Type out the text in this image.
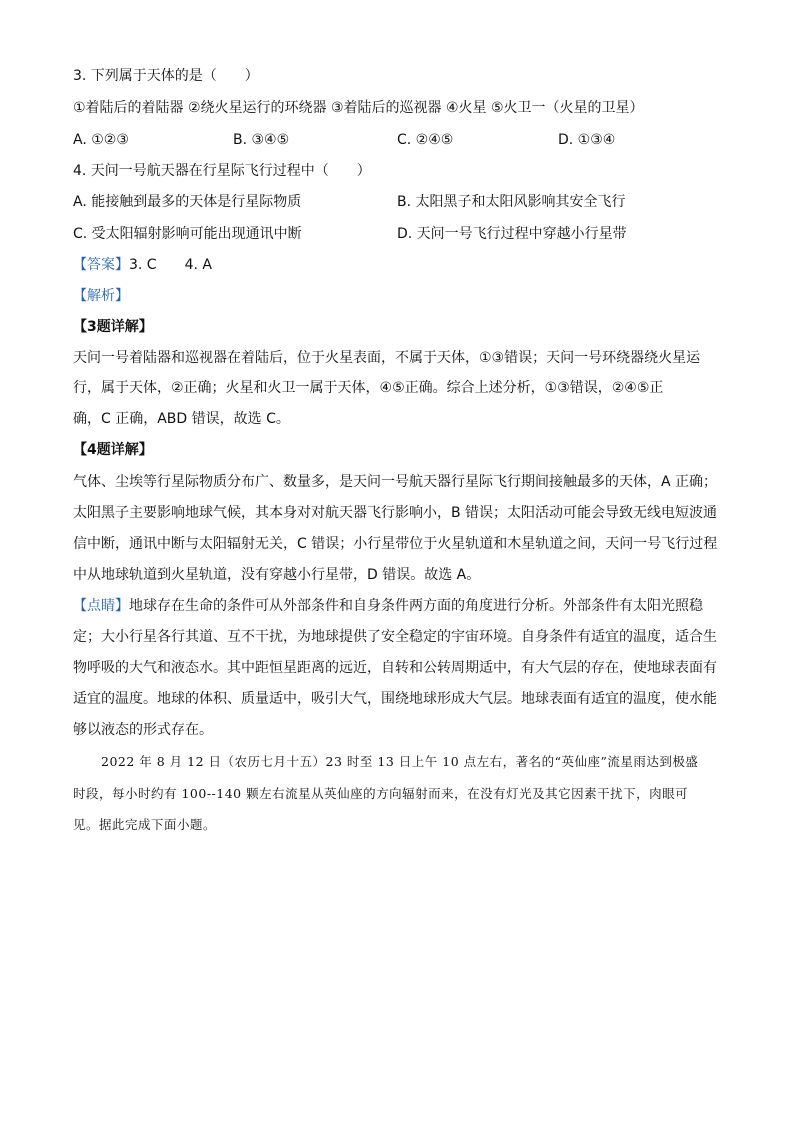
3. 下列属于天体的是（　　）
①着陆后的着陆器 ②绕火星运行的环绕器 ③着陆后的巡视器 ④火星 ⑤火卫一（火星的卫星）
A. ①②③	B. ③④⑤	C. ②④⑤	D. ①③④
4. 天问一号航天器在行星际飞行过程中（　　）
A. 能接触到最多的天体是行星际物质	B. 太阳黑子和太阳风影响其安全飞行
C. 受太阳辐射影响可能出现通讯中断	D. 天问一号飞行过程中穿越小行星带
【答案】3. C　　4. A
【解析】
【3题详解】
天问一号着陆器和巡视器在着陆后，位于火星表面，不属于天体，①③错误；天问一号环绕器绕火星运
行，属于天体，②正确；火星和火卫一属于天体，④⑤正确。综合上述分析，①③错误，②④⑤正
确，C 正确，ABD 错误，故选 C。
【4题详解】
气体、尘埃等行星际物质分布广、数量多，是天问一号航天器行星际飞行期间接触最多的天体，A 正确；
太阳黑子主要影响地球气候，其本身对对航天器飞行影响小，B 错误；太阳活动可能会导致无线电短波通
信中断，通讯中断与太阳辐射无关，C 错误；小行星带位于火星轨道和木星轨道之间，天问一号飞行过程
中从地球轨道到火星轨道，没有穿越小行星带，D 错误。故选 A。
【点睛】地球存在生命的条件可从外部条件和自身条件两方面的角度进行分析。外部条件有太阳光照稳
定；大小行星各行其道、互不干扰，为地球提供了安全稳定的宇宙环境。自身条件有适宜的温度，适合生
物呼吸的大气和液态水。其中距恒星距离的远近，自转和公转周期适中，有大气层的存在，使地球表面有
适宜的温度。地球的体积、质量适中，吸引大气，围绕地球形成大气层。地球表面有适宜的温度，使水能
够以液态的形式存在。
2022 年 8 月 12 日（农历七月十五）23 时至 13 日上午 10 点左右，著名的“英仙座”流星雨达到极盛
时段，每小时约有 100--140 颗左右流星从英仙座的方向辐射而来，在没有灯光及其它因素干扰下，肉眼可
见。据此完成下面小题。
